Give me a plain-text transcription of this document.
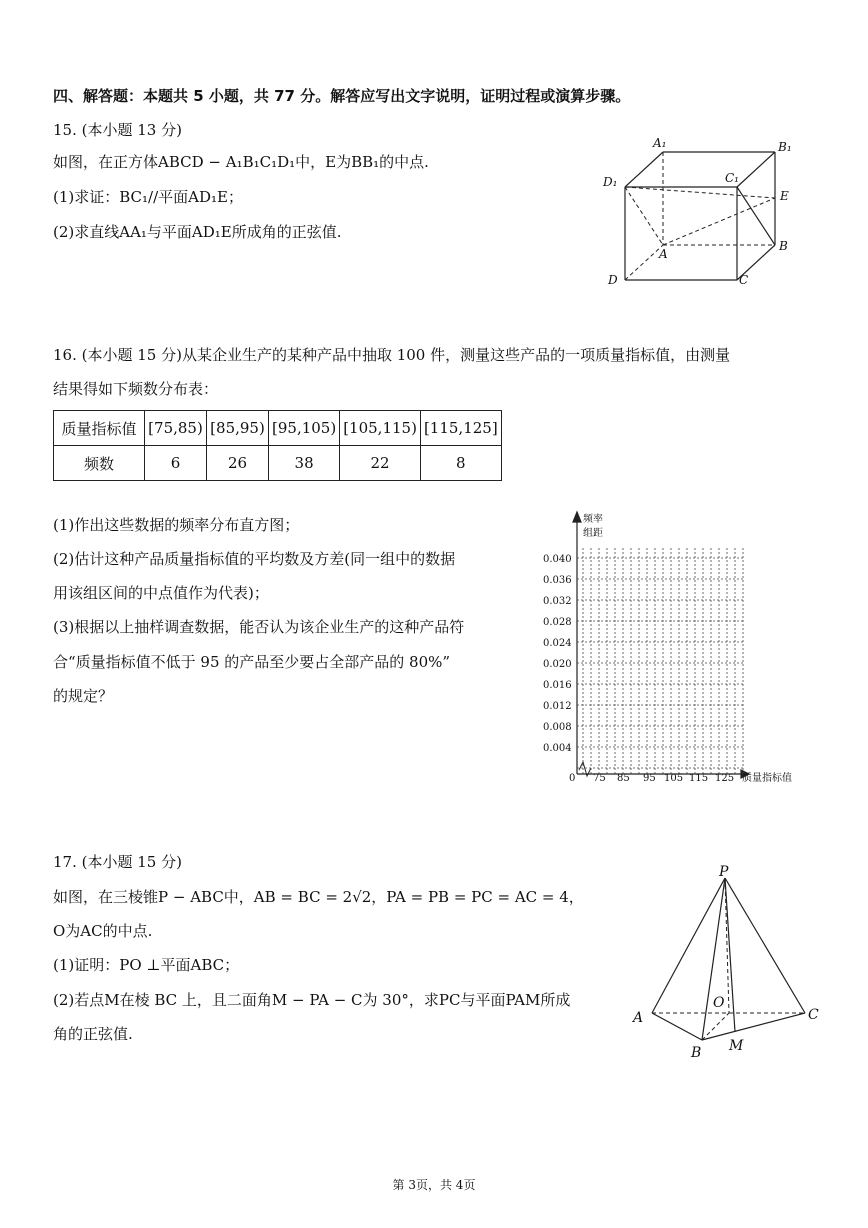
四、解答题：本题共 5 小题，共 77 分。解答应写出文字说明，证明过程或演算步骤。
15. (本小题 13 分)
如图，在正方体ABCD − A₁B₁C₁D₁中，E为BB₁的中点.
(1)求证：BC₁//平面AD₁E；
(2)求直线AA₁与平面AD₁E所成角的正弦值.
A₁	B₁
C₁
D₁
E
A
B
C
D
16. (本小题 15 分)从某企业生产的某种产品中抽取 100 件，测量这些产品的一项质量指标值，由测量
结果得如下频数分布表：
质量指标值	[75,85)	[85,95)	[95,105)	[105,115)	[115,125]
频数	6	26	38	22	8
(1)作出这些数据的频率分布直方图；
(2)估计这种产品质量指标值的平均数及方差(同一组中的数据
用该组区间的中点值作为代表)；
(3)根据以上抽样调查数据，能否认为该企业生产的这种产品符
合“质量指标值不低于 95 的产品至少要占全部产品的 80%”
的规定？
频率
组距
0.040
0.036
0.032
0.028
0.024
0.020
0.016
0.012
0.008
0.004
0 75 85 95 105 115 125 质量指标值
17. (本小题 15 分)
如图，在三棱锥P − ABC中，AB = BC = 2√2，PA = PB = PC = AC = 4，
O为AC的中点.
(1)证明：PO ⊥平面ABC；
(2)若点M在棱 BC 上，且二面角M − PA − C为 30°，求PC与平面PAM所成
角的正弦值.
P
A
B
C
O
M
第 3页，共 4页
